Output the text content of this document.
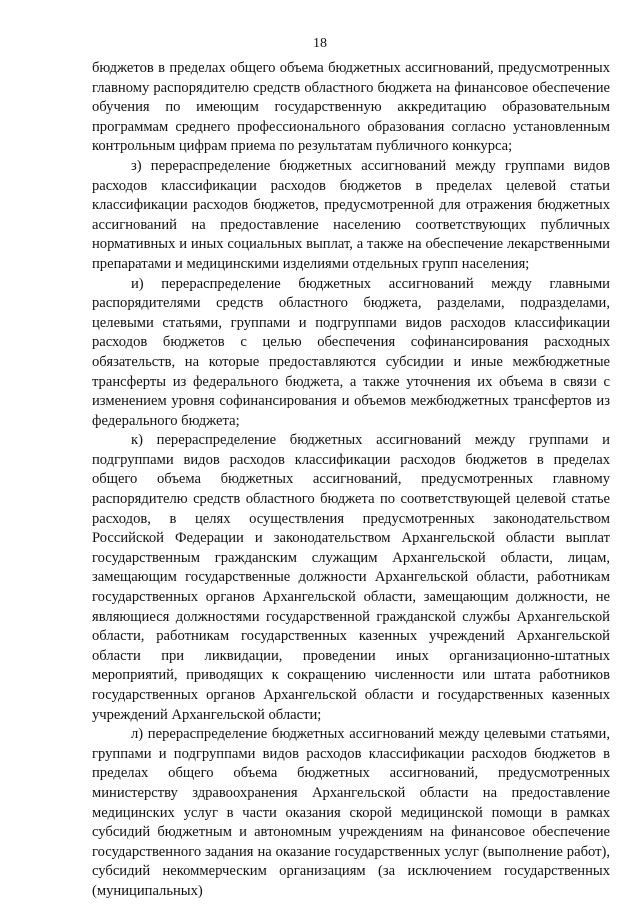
18

бюджетов в пределах общего объема бюджетных ассигнований, предусмотренных главному распорядителю средств областного бюджета на финансовое обеспечение обучения по имеющим государственную аккредитацию образовательным программам среднего профессионального образования согласно установленным контрольным цифрам приема по результатам публичного конкурса;

з) перераспределение бюджетных ассигнований между группами видов расходов классификации расходов бюджетов в пределах целевой статьи классификации расходов бюджетов, предусмотренной для отражения бюджетных ассигнований на предоставление населению соответствующих публичных нормативных и иных социальных выплат, а также на обеспечение лекарственными препаратами и медицинскими изделиями отдельных групп населения;

и) перераспределение бюджетных ассигнований между главными распорядителями средств областного бюджета, разделами, подразделами, целевыми статьями, группами и подгруппами видов расходов классификации расходов бюджетов с целью обеспечения софинансирования расходных обязательств, на которые предоставляются субсидии и иные межбюджетные трансферты из федерального бюджета, а также уточнения их объема в связи с изменением уровня софинансирования и объемов межбюджетных трансфертов из федерального бюджета;

к) перераспределение бюджетных ассигнований между группами и подгруппами видов расходов классификации расходов бюджетов в пределах общего объема бюджетных ассигнований, предусмотренных главному распорядителю средств областного бюджета по соответствующей целевой статье расходов, в целях осуществления предусмотренных законодательством Российской Федерации и законодательством Архангельской области выплат государственным гражданским служащим Архангельской области, лицам, замещающим государственные должности Архангельской области, работникам государственных органов Архангельской области, замещающим должности, не являющиеся должностями государственной гражданской службы Архангельской области, работникам государственных казенных учреждений Архангельской области при ликвидации, проведении иных организационно-штатных мероприятий, приводящих к сокращению численности или штата работников государственных органов Архангельской области и государственных казенных учреждений Архангельской области;

л) перераспределение бюджетных ассигнований между целевыми статьями, группами и подгруппами видов расходов классификации расходов бюджетов в пределах общего объема бюджетных ассигнований, предусмотренных министерству здравоохранения Архангельской области на предоставление медицинских услуг в части оказания скорой медицинской помощи в рамках субсидий бюджетным и автономным учреждениям на финансовое обеспечение государственного задания на оказание государственных услуг (выполнение работ), субсидий некоммерческим организациям (за исключением государственных (муниципальных)
